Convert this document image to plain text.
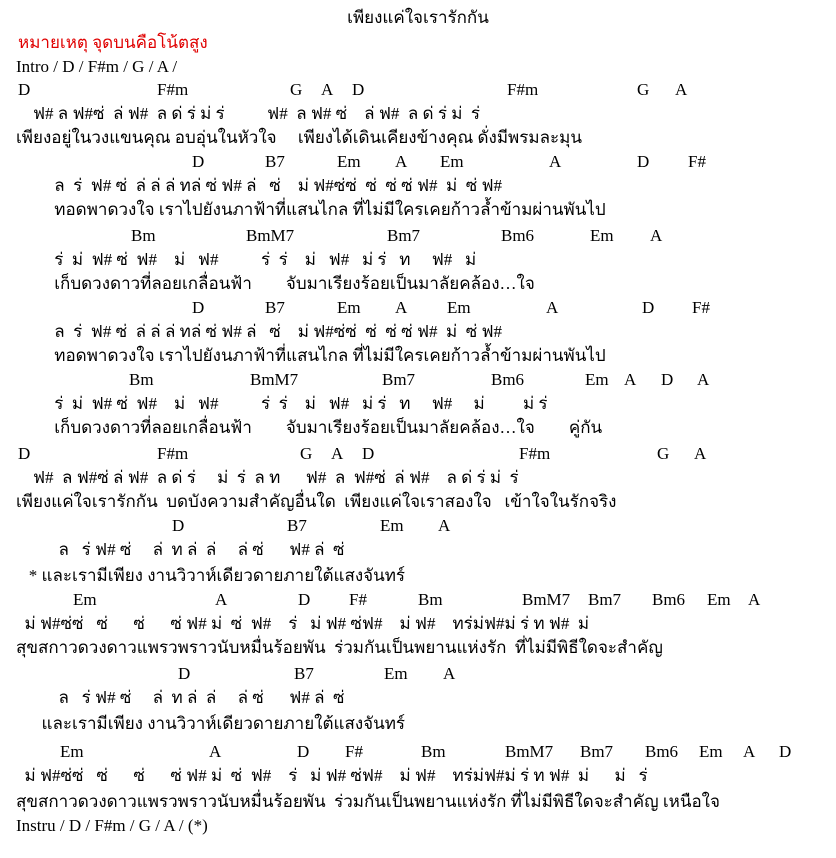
เพียงแค่ใจเรารักกัน
หมายเหตุ จุดบนคือโน้ตสูง
Intro / D / F#m / G / A /
D	F#m	G A D	F#m	G A
ฟ# ล ฟ#ซ่  ล่ ฟ#  ล ด่ ร่ ม่ ร่          ฟ#  ล ฟ# ซ่    ล่ ฟ#  ล ด่ ร่ ม่  ร่
เพียงอยู่ในวงแขนคุณ อบอุ่นในหัวใจ     เพียงได้เดินเคียงข้างคุณ ดั่งมีพรมละมุน
D	B7	Em A Em	A	D F#
ล  ร่  ฟ# ซ่  ล่ ล่ ล่ ทล่ ซ่ ฟ# ล่   ซ่    ม่ ฟ#ซ่ซ่  ซ่  ซ่ ซ่ ฟ#  ม่  ซ่ ฟ#
ทอดพาดวงใจ เราไปยังนภาฟ้าที่แสนไกล ที่ไม่มีใครเคยก้าวล้ำข้ามผ่านพันไป
Bm	BmM7	Bm7	Bm6	Em A
ร่  ม่  ฟ# ซ่  ฟ#    ม่   ฟ#          ร่  ร่    ม่   ฟ#   ม่ ร่   ท     ฟ#   ม่
เก็บดวงดาวที่ลอยเกลื่อนฟ้า        จับมาเรียงร้อยเป็นมาลัยคล้อง…ใจ
D	B7	Em A Em	A	D F#
ล  ร่  ฟ# ซ่  ล่ ล่ ล่ ทล่ ซ่ ฟ# ล่   ซ่    ม่ ฟ#ซ่ซ่  ซ่  ซ่ ซ่ ฟ#  ม่  ซ่ ฟ#
ทอดพาดวงใจ เราไปยังนภาฟ้าที่แสนไกล ที่ไม่มีใครเคยก้าวล้ำข้ามผ่านพันไป
Bm	BmM7	Bm7	Bm6	Em A D A
ร่  ม่  ฟ# ซ่  ฟ#    ม่   ฟ#          ร่  ร่    ม่   ฟ#   ม่ ร่   ท     ฟ#     ม่         ม่ ร่
เก็บดวงดาวที่ลอยเกลื่อนฟ้า        จับมาเรียงร้อยเป็นมาลัยคล้อง…ใจ        คู่กัน
D	F#m	G A D	F#m	G A
ฟ#  ล ฟ#ซ่ ล่ ฟ#  ล ด่ ร่     ม่  ร่  ล ท      ฟ#  ล  ฟ#ซ่  ล่ ฟ#    ล ด่ ร่ ม่  ร่
เพียงแค่ใจเรารักกัน  บดบังความสำคัญอื่นใด  เพียงแค่ใจเราสองใจ   เข้าใจในรักจริง
D	B7	Em A
ล   ร่ ฟ# ซ่     ล่  ท ล่  ล่     ล่ ซ่      ฟ# ล่  ซ่
* และเรามีเพียง งานวิวาห์เดียวดายภายใต้แสงจันทร์
Em	A	D F#	Bm	BmM7 Bm7 Bm6 Em A
ม่ ฟ#ซ่ซ่   ซ่      ซ่      ซ่ ฟ# ม่  ซ่  ฟ#    ร่   ม่ ฟ# ซ่ฟ#    ม่ ฟ#    ทร่ม่ฟ#ม่ ร่ ท ฟ#  ม่
สุขสกาวดวงดาวแพรวพราวนับหมื่นร้อยพัน  ร่วมกันเป็นพยานแห่งรัก  ที่ไม่มีพิธีใดจะสำคัญ
D	B7	Em A
ล   ร่ ฟ# ซ่     ล่  ท ล่  ล่     ล่ ซ่      ฟ# ล่  ซ่
และเรามีเพียง งานวิวาห์เดียวดายภายใต้แสงจันทร์
Em	A	D F#	Bm	BmM7 Bm7 Bm6 Em A D
ม่ ฟ#ซ่ซ่   ซ่      ซ่      ซ่ ฟ# ม่  ซ่  ฟ#    ร่   ม่ ฟ# ซ่ฟ#    ม่ ฟ#    ทร่ม่ฟ#ม่ ร่ ท ฟ#  ม่      ม่   ร่
สุขสกาวดวงดาวแพรวพราวนับหมื่นร้อยพัน  ร่วมกันเป็นพยานแห่งรัก ที่ไม่มีพิธีใดจะสำคัญ เหนือใจ
Instru / D / F#m / G / A / (*)
